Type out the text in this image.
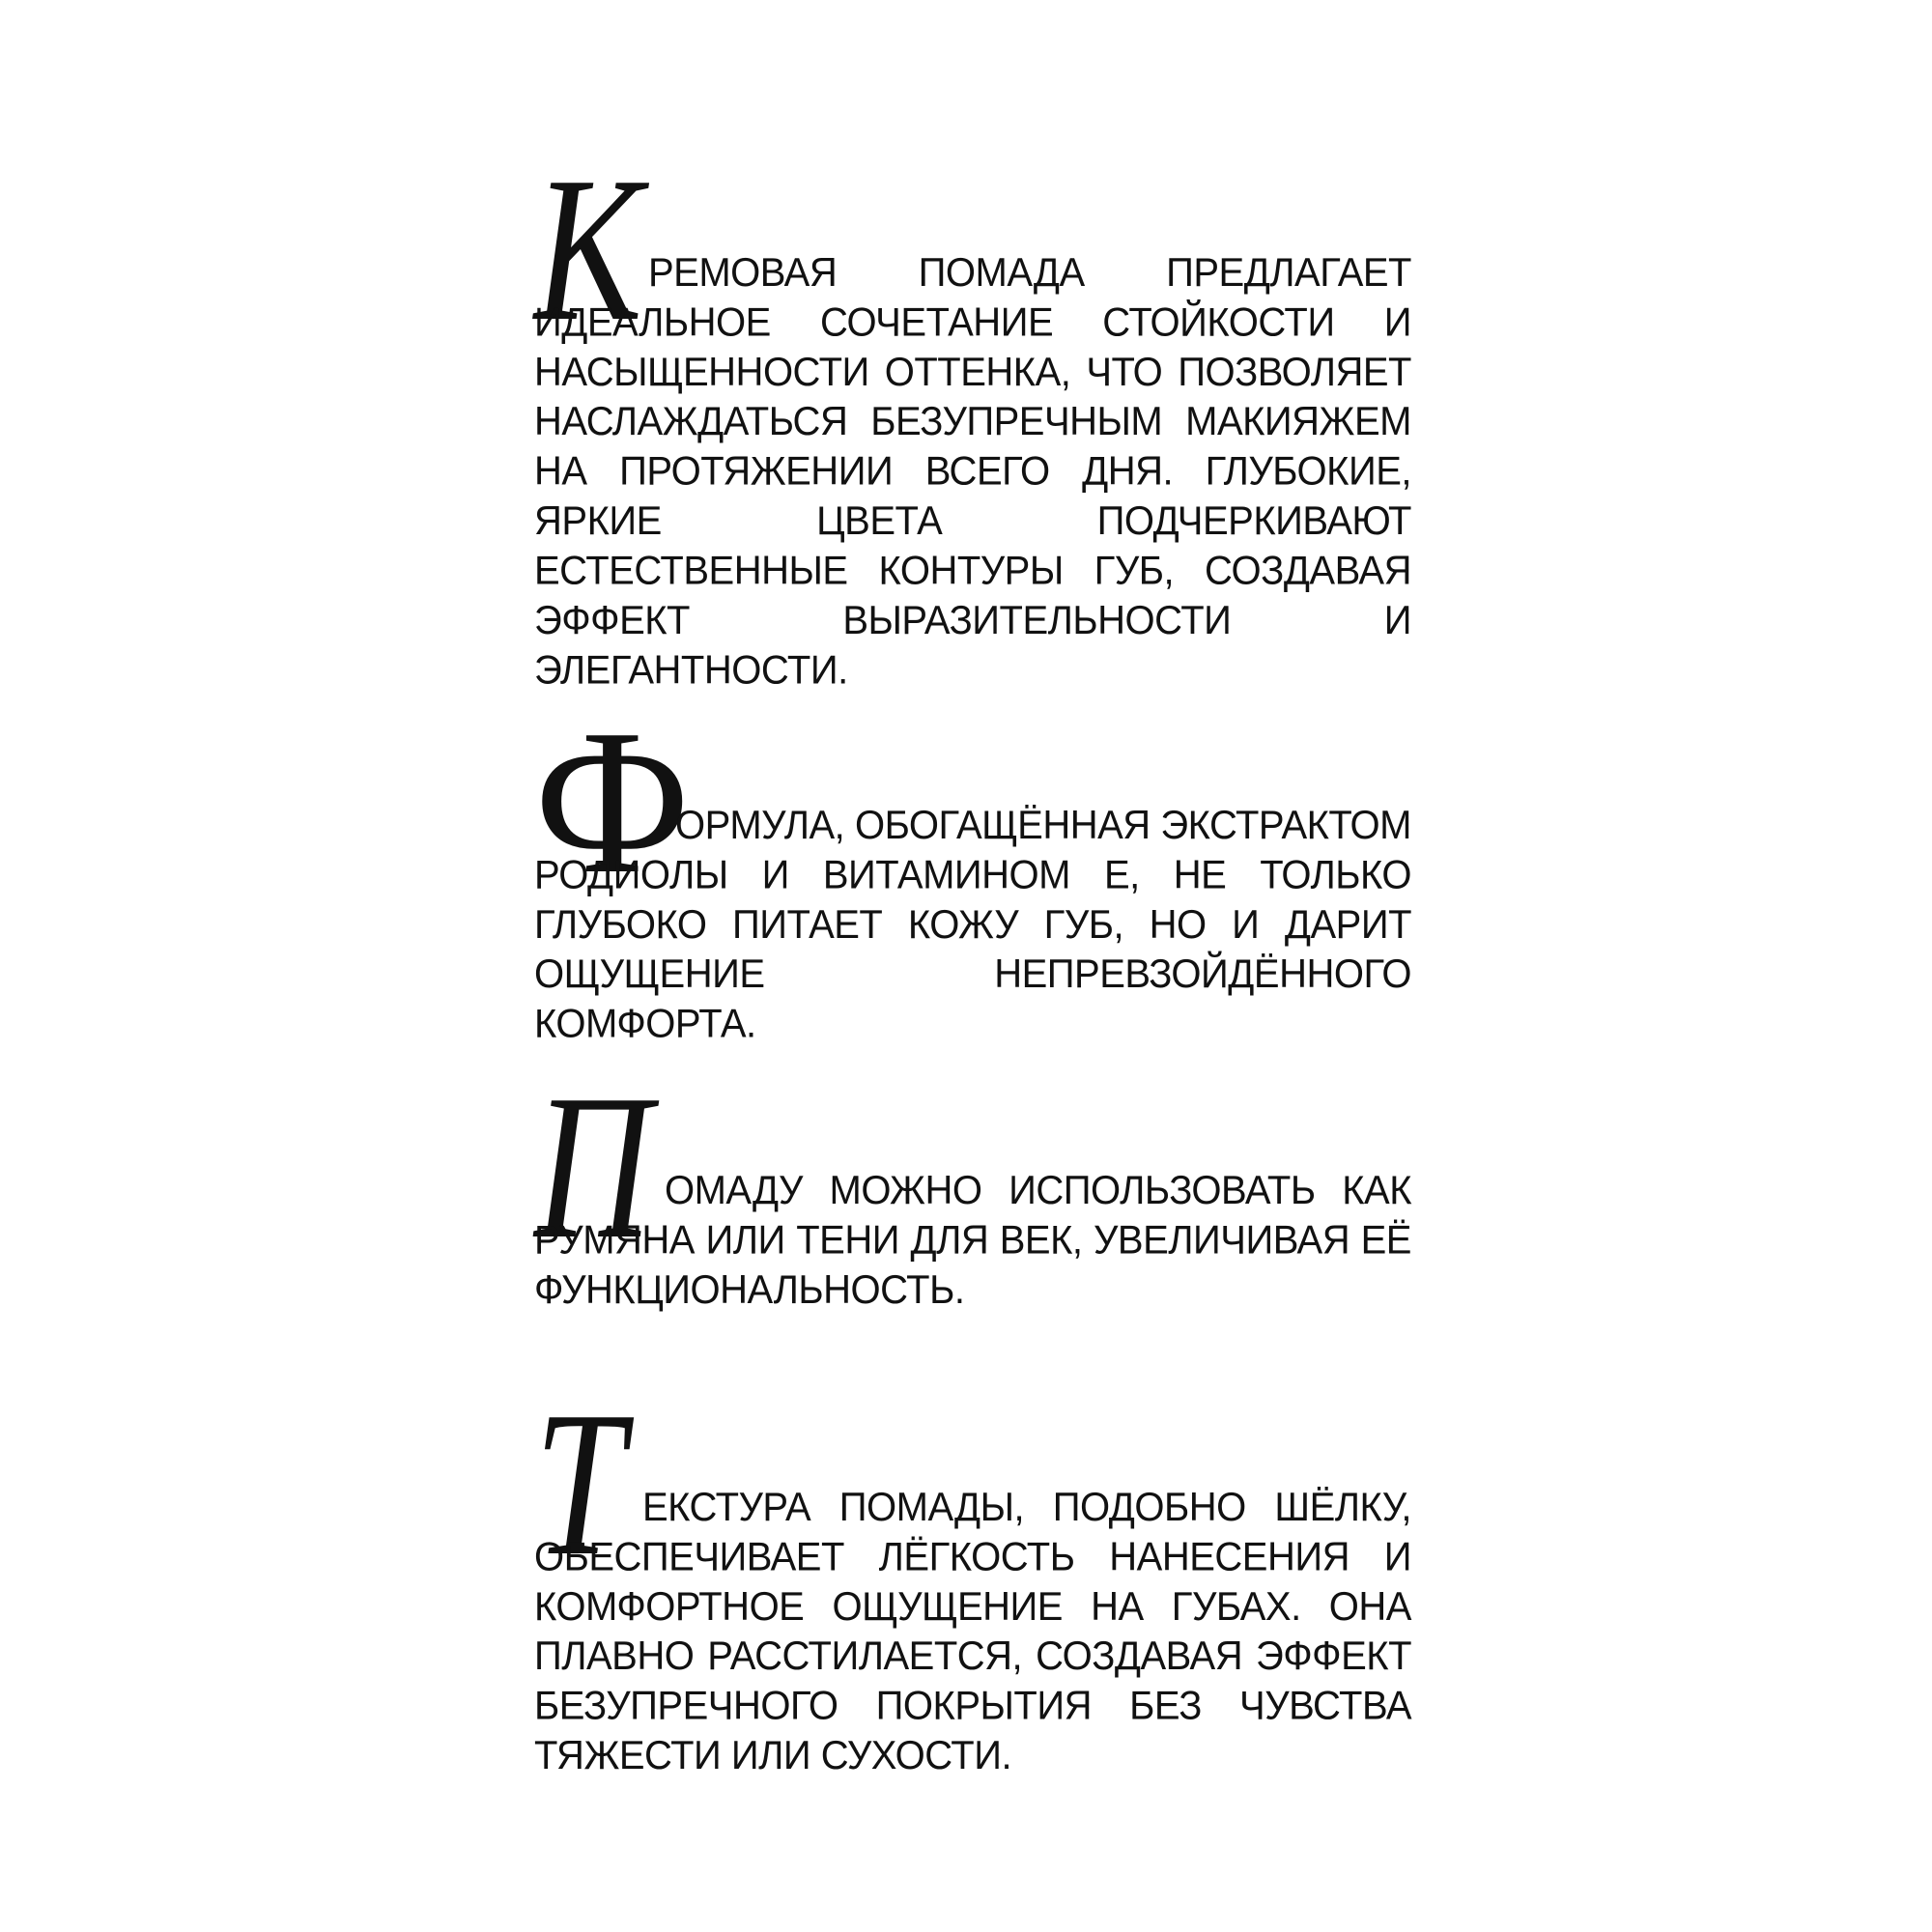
К РЕМОВАЯ ПОМАДА ПРЕДЛАГАЕТ ИДЕАЛЬНОЕ СОЧЕТАНИЕ СТОЙКОСТИ И НАСЫЩЕННОСТИ ОТТЕНКА, ЧТО ПОЗВОЛЯЕТ НАСЛАЖДАТЬСЯ БЕЗУПРЕЧНЫМ МАКИЯЖЕМ НА ПРОТЯЖЕНИИ ВСЕГО ДНЯ. ГЛУБОКИЕ, ЯРКИЕ ЦВЕТА ПОДЧЕРКИВАЮТ ЕСТЕСТВЕННЫЕ КОНТУРЫ ГУБ, СОЗДАВАЯ ЭФФЕКТ ВЫРАЗИТЕЛЬНОСТИ И ЭЛЕГАНТНОСТИ.

Ф

ОРМУЛА, ОБОГАЩЁННАЯ ЭКСТРАКТОМ РОДИОЛЫ И ВИТАМИНОМ Е, НЕ ТОЛЬКО ГЛУБОКО ПИТАЕТ КОЖУ ГУБ, НО И ДАРИТ ОЩУЩЕНИЕ НЕПРЕВЗОЙДЁННОГО КОМФОРТА.

П ОМАДУ МОЖНО ИСПОЛЬЗОВАТЬ КАК РУМЯНА ИЛИ ТЕНИ ДЛЯ ВЕК, УВЕЛИЧИВАЯ ЕЁ ФУНКЦИОНАЛЬНОСТЬ.

Т ЕКСТУРА ПОМАДЫ, ПОДОБНО ШЁЛКУ, ОБЕСПЕЧИВАЕТ ЛЁГКОСТЬ НАНЕСЕНИЯ И КОМФОРТНОЕ ОЩУЩЕНИЕ НА ГУБАХ. ОНА ПЛАВНО РАССТИЛАЕТСЯ, СОЗДАВАЯ ЭФФЕКТ БЕЗУПРЕЧНОГО ПОКРЫТИЯ БЕЗ ЧУВСТВА ТЯЖЕСТИ ИЛИ СУХОСТИ.
